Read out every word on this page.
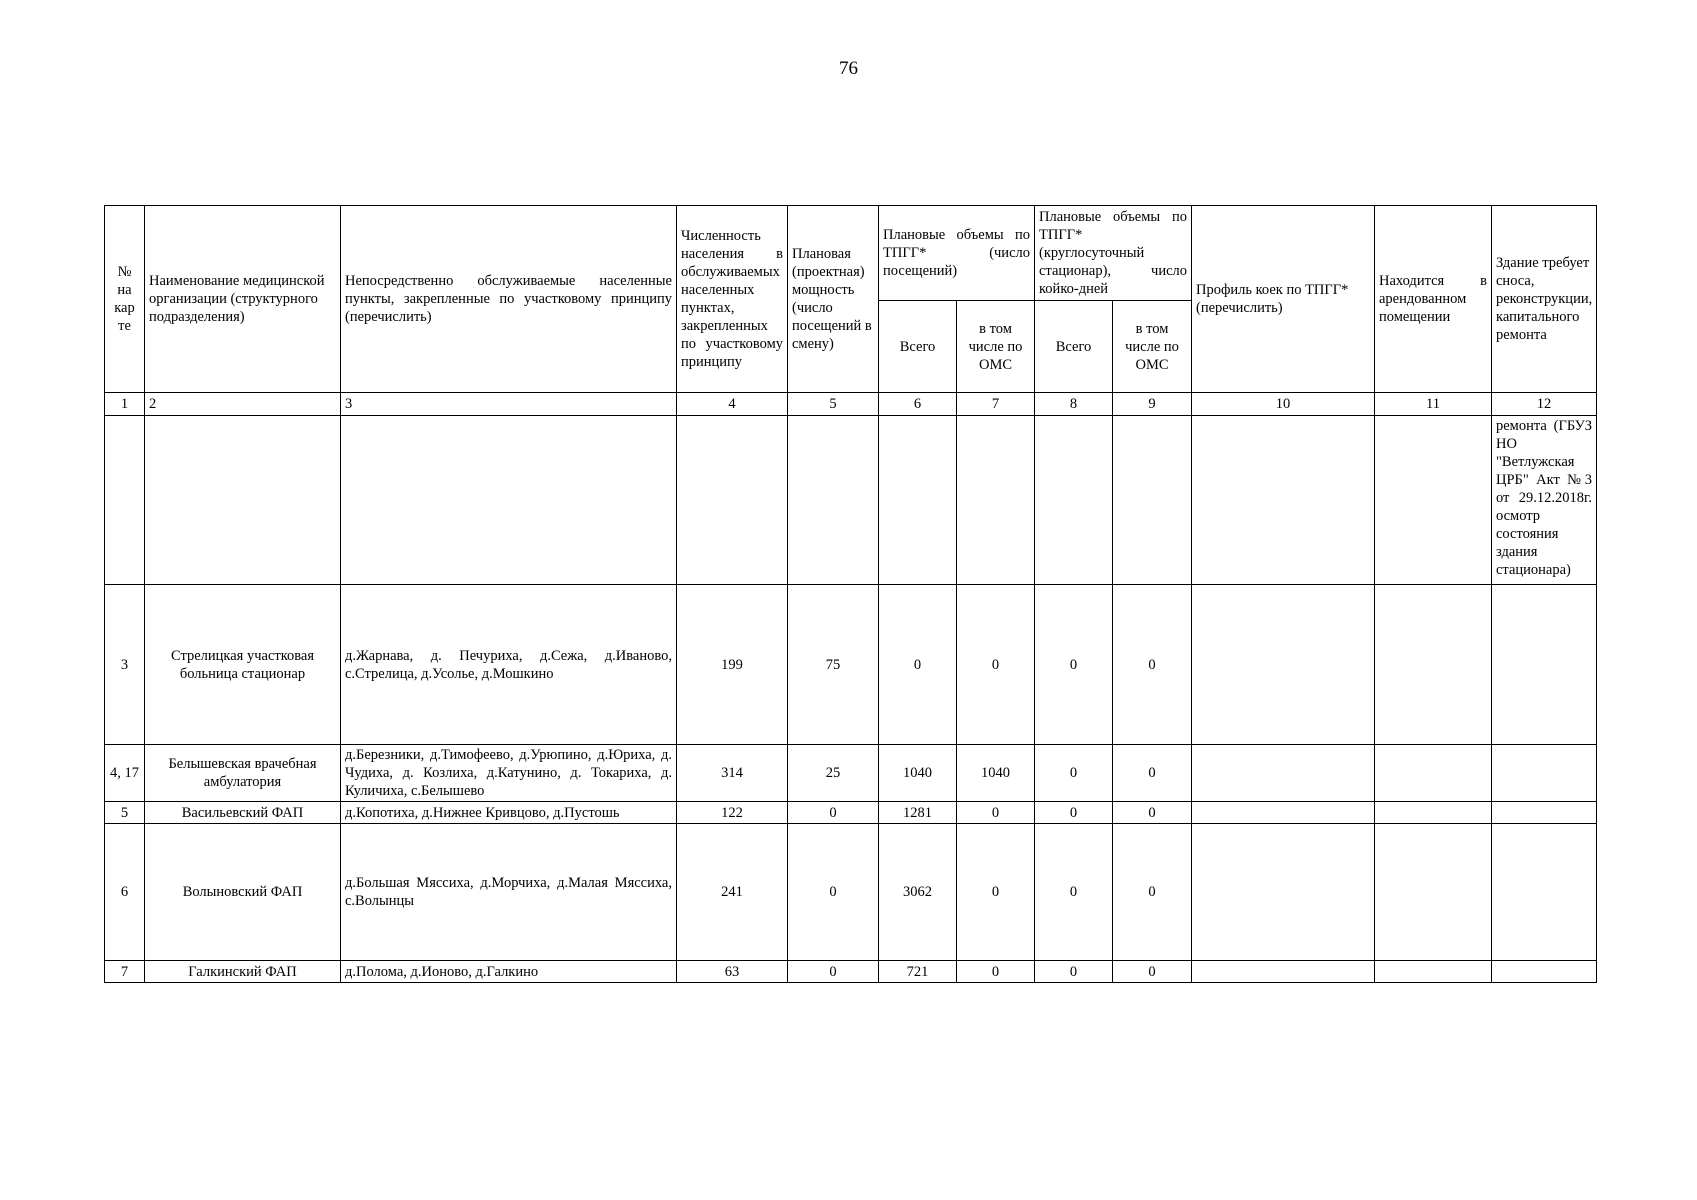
76
№ на кар те	Наименование медицинской организации (структурного подразделения)	Непосредственно обслуживаемые населенные пункты, закрепленные по участковому принципу (перечислить)	Численность населения в обслуживаемых населенных пунктах, закрепленных по участковому принципу	Плановая (проектная) мощность (число посещений в смену)	Плановые объемы по ТПГГ* (число посещений)		Плановые объемы по ТПГГ* (круглосуточный стационар), число койко-дней		Профиль коек по ТПГГ* (перечислить)	Находится в арендованном помещении	Здание требует сноса, реконструкции, капитального ремонта
					Всего	в том числе по ОМС	Всего	в том числе по ОМС			
1	2	3	4	5	6	7	8	9	10	11	12
											ремонта (ГБУЗ НО "Ветлужская ЦРБ" Акт №3 от 29.12.2018г. осмотр состояния здания стационара)
3	Стрелицкая участковая больница стационар	д.Жарнава, д. Печуриха, д.Сежа, д.Иваново, с.Стрелица, д.Усолье, д.Мошкино	199	75	0	0	0	0			
4, 17	Белышевская врачебная амбулатория	д.Березники, д.Тимофеево, д.Урюпино, д.Юриха, д. Чудиха, д. Козлиха, д.Катунино, д. Токариха, д. Куличиха, с.Белышево	314	25	1040	1040	0	0			
5	Васильевский ФАП	д.Копотиха, д.Нижнее Кривцово, д.Пустошь	122	0	1281	0	0	0			
6	Волыновский ФАП	д.Большая Мяссиха, д.Морчиха, д.Малая Мяссиха, с.Волынцы	241	0	3062	0	0	0			
7	Галкинский ФАП	д.Полома, д.Ионово, д.Галкино	63	0	721	0	0	0			
